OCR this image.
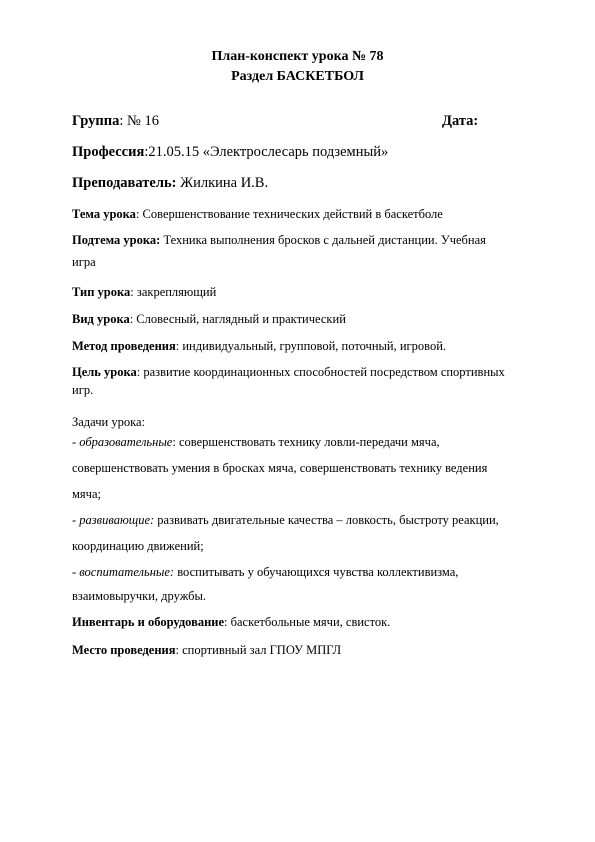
План-конспект урока № 78
Раздел БАСКЕТБОЛ
Группа: № 16	Дата:
Профессия:21.05.15 «Электрослесарь подземный»
Преподаватель: Жилкина И.В.
Тема урока: Совершенствование технических действий в баскетболе
Подтема урока: Техника выполнения бросков с дальней дистанции. Учебная
игра
Тип урока: закрепляющий
Вид урока: Словесный, наглядный и практический
Метод проведения: индивидуальный, групповой, поточный, игровой.
Цель урока: развитие координационных способностей посредством спортивных
игр.
Задачи урока:
- образовательные: совершенствовать технику ловли-передачи мяча,
совершенствовать умения в бросках мяча, совершенствовать технику ведения
мяча;
- развивающие: развивать двигательные качества – ловкость, быстроту реакции,
координацию движений;
- воспитательные: воспитывать у обучающихся чувства коллективизма,
взаимовыручки, дружбы.
Инвентарь и оборудование: баскетбольные мячи, свисток.
Место проведения: спортивный зал ГПОУ МПГЛ
